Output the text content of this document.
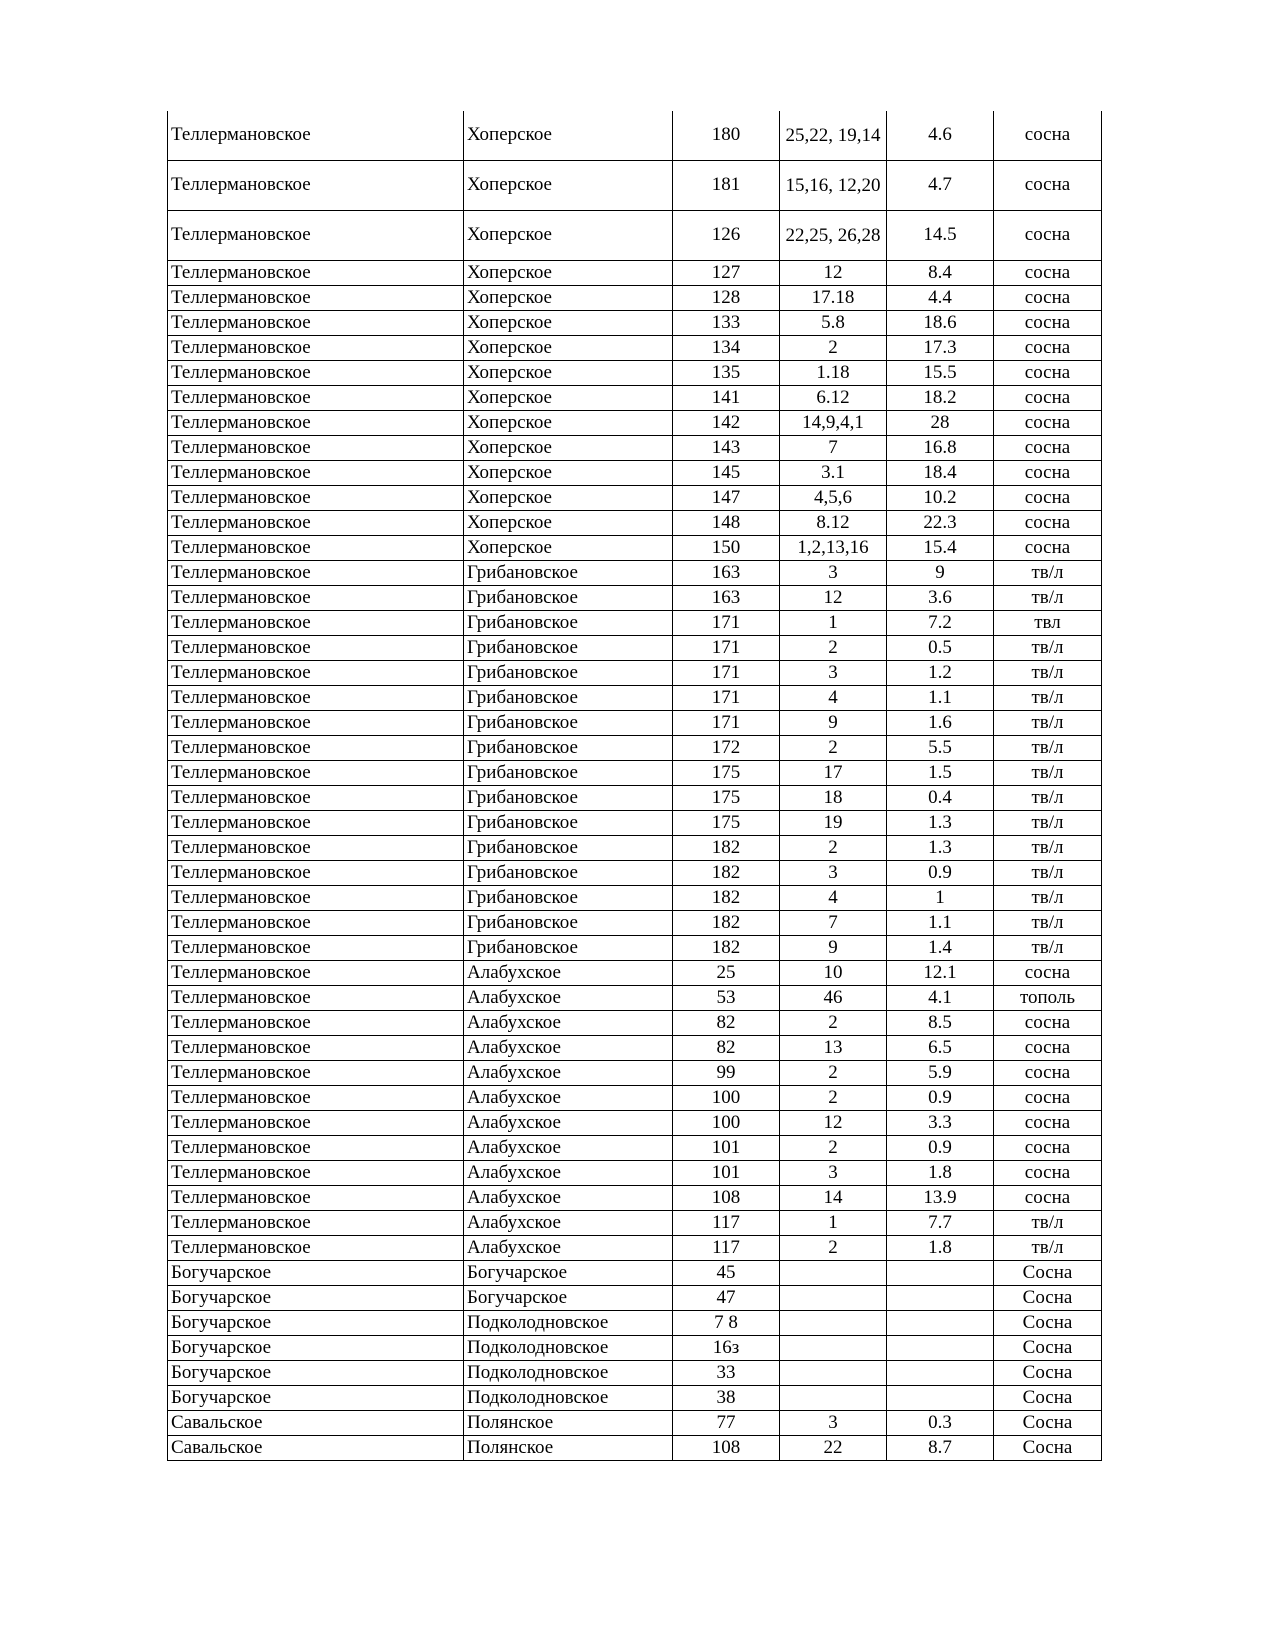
Теллермановское	Хоперское	180	25,22, 19,14	4.6	сосна
Теллермановское	Хоперское	181	15,16, 12,20	4.7	сосна
Теллермановское	Хоперское	126	22,25, 26,28	14.5	сосна
Теллермановское	Хоперское	127	12	8.4	сосна
Теллермановское	Хоперское	128	17.18	4.4	сосна
Теллермановское	Хоперское	133	5.8	18.6	сосна
Теллермановское	Хоперское	134	2	17.3	сосна
Теллермановское	Хоперское	135	1.18	15.5	сосна
Теллермановское	Хоперское	141	6.12	18.2	сосна
Теллермановское	Хоперское	142	14,9,4,1	28	сосна
Теллермановское	Хоперское	143	7	16.8	сосна
Теллермановское	Хоперское	145	3.1	18.4	сосна
Теллермановское	Хоперское	147	4,5,6	10.2	сосна
Теллермановское	Хоперское	148	8.12	22.3	сосна
Теллермановское	Хоперское	150	1,2,13,16	15.4	сосна
Теллермановское	Грибановское	163	3	9	тв/л
Теллермановское	Грибановское	163	12	3.6	тв/л
Теллермановское	Грибановское	171	1	7.2	твл
Теллермановское	Грибановское	171	2	0.5	тв/л
Теллермановское	Грибановское	171	3	1.2	тв/л
Теллермановское	Грибановское	171	4	1.1	тв/л
Теллермановское	Грибановское	171	9	1.6	тв/л
Теллермановское	Грибановское	172	2	5.5	тв/л
Теллермановское	Грибановское	175	17	1.5	тв/л
Теллермановское	Грибановское	175	18	0.4	тв/л
Теллермановское	Грибановское	175	19	1.3	тв/л
Теллермановское	Грибановское	182	2	1.3	тв/л
Теллермановское	Грибановское	182	3	0.9	тв/л
Теллермановское	Грибановское	182	4	1	тв/л
Теллермановское	Грибановское	182	7	1.1	тв/л
Теллермановское	Грибановское	182	9	1.4	тв/л
Теллермановское	Алабухское	25	10	12.1	сосна
Теллермановское	Алабухское	53	46	4.1	тополь
Теллермановское	Алабухское	82	2	8.5	сосна
Теллермановское	Алабухское	82	13	6.5	сосна
Теллермановское	Алабухское	99	2	5.9	сосна
Теллермановское	Алабухское	100	2	0.9	сосна
Теллермановское	Алабухское	100	12	3.3	сосна
Теллермановское	Алабухское	101	2	0.9	сосна
Теллермановское	Алабухское	101	3	1.8	сосна
Теллермановское	Алабухское	108	14	13.9	сосна
Теллермановское	Алабухское	117	1	7.7	тв/л
Теллермановское	Алабухское	117	2	1.8	тв/л
Богучарское	Богучарское	45			Сосна
Богучарское	Богучарское	47			Сосна
Богучарское	Подколодновское	7 8			Сосна
Богучарское	Подколодновское	16з			Сосна
Богучарское	Подколодновское	33			Сосна
Богучарское	Подколодновское	38			Сосна
Савальское	Полянское	77	3	0.3	Сосна
Савальское	Полянское	108	22	8.7	Сосна
